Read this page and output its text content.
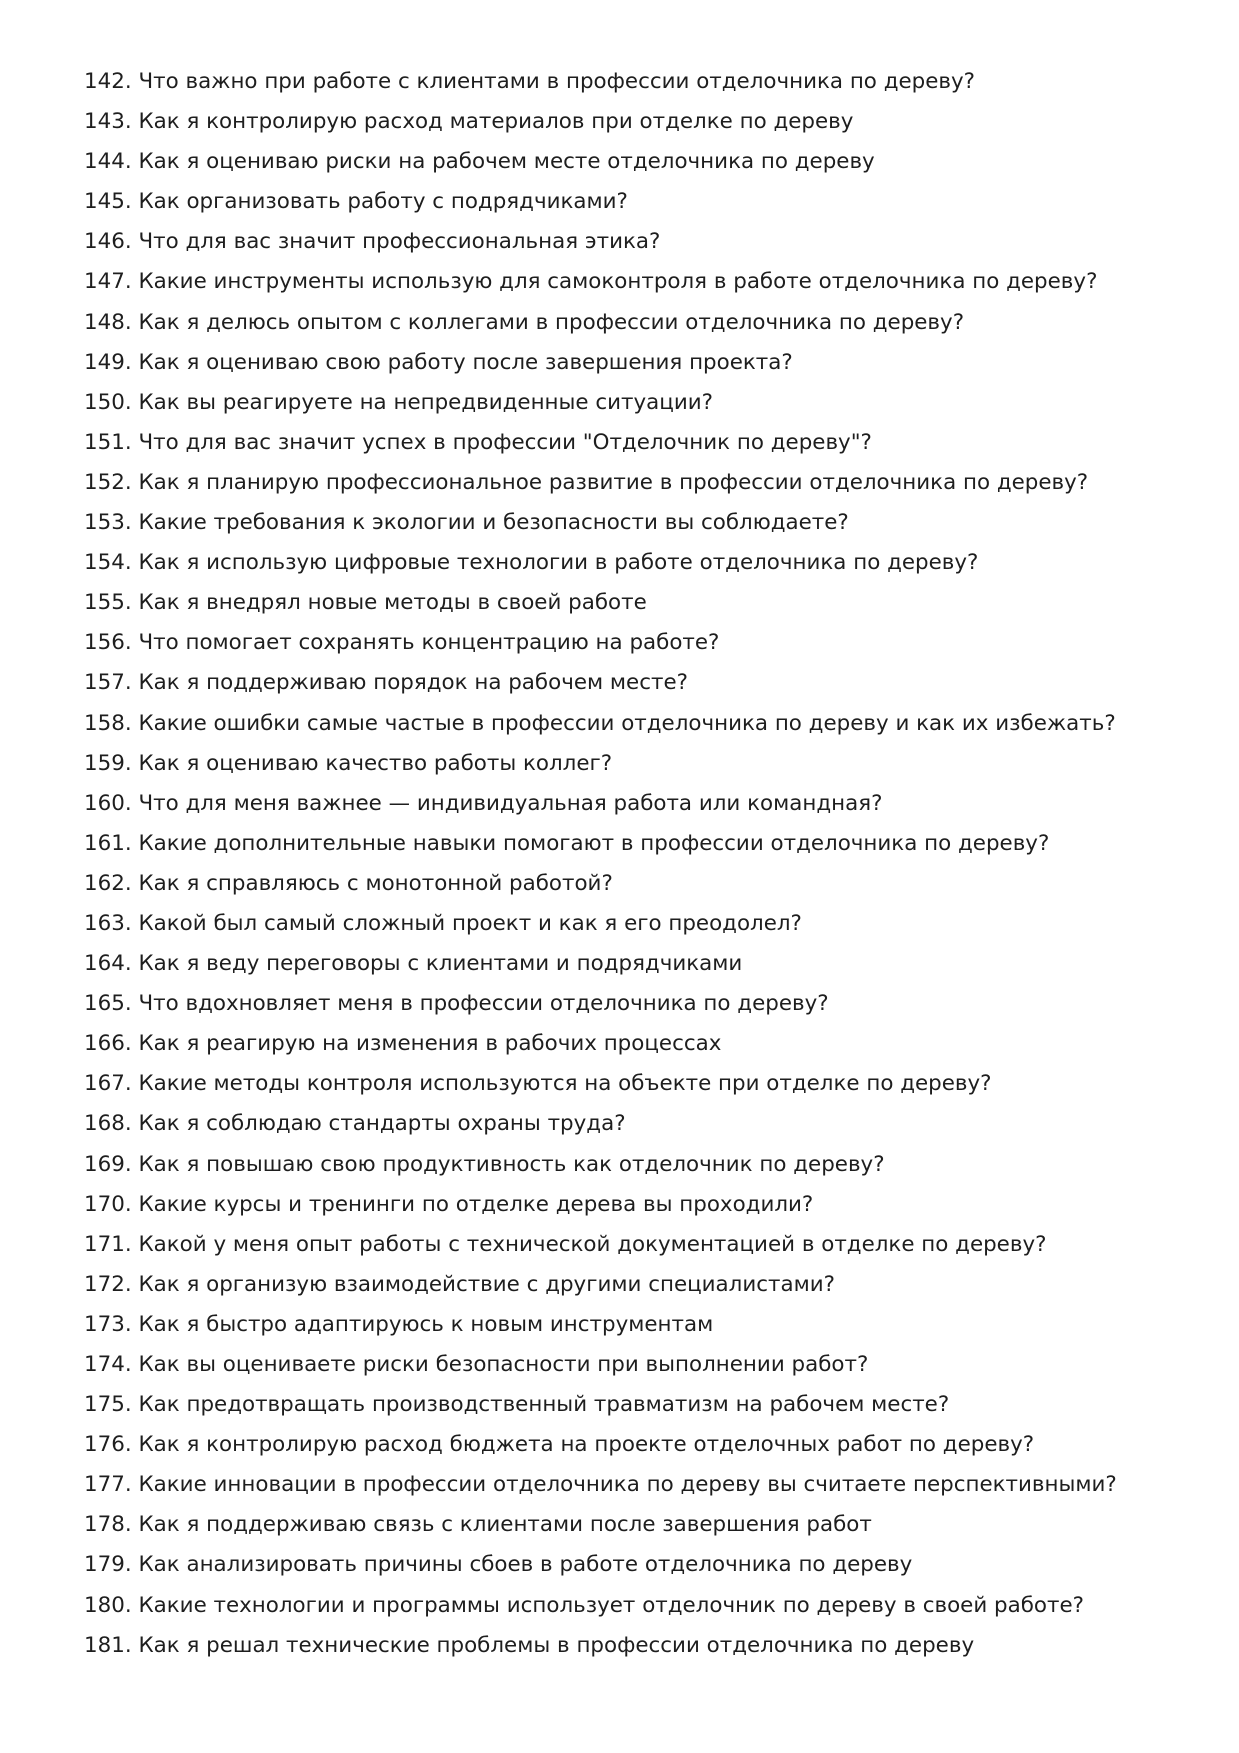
142. Что важно при работе с клиентами в профессии отделочника по дереву?
143. Как я контролирую расход материалов при отделке по дереву
144. Как я оцениваю риски на рабочем месте отделочника по дереву
145. Как организовать работу с подрядчиками?
146. Что для вас значит профессиональная этика?
147. Какие инструменты использую для самоконтроля в работе отделочника по дереву?
148. Как я делюсь опытом с коллегами в профессии отделочника по дереву?
149. Как я оцениваю свою работу после завершения проекта?
150. Как вы реагируете на непредвиденные ситуации?
151. Что для вас значит успех в профессии "Отделочник по дереву"?
152. Как я планирую профессиональное развитие в профессии отделочника по дереву?
153. Какие требования к экологии и безопасности вы соблюдаете?
154. Как я использую цифровые технологии в работе отделочника по дереву?
155. Как я внедрял новые методы в своей работе
156. Что помогает сохранять концентрацию на работе?
157. Как я поддерживаю порядок на рабочем месте?
158. Какие ошибки самые частые в профессии отделочника по дереву и как их избежать?
159. Как я оцениваю качество работы коллег?
160. Что для меня важнее — индивидуальная работа или командная?
161. Какие дополнительные навыки помогают в профессии отделочника по дереву?
162. Как я справляюсь с монотонной работой?
163. Какой был самый сложный проект и как я его преодолел?
164. Как я веду переговоры с клиентами и подрядчиками
165. Что вдохновляет меня в профессии отделочника по дереву?
166. Как я реагирую на изменения в рабочих процессах
167. Какие методы контроля используются на объекте при отделке по дереву?
168. Как я соблюдаю стандарты охраны труда?
169. Как я повышаю свою продуктивность как отделочник по дереву?
170. Какие курсы и тренинги по отделке дерева вы проходили?
171. Какой у меня опыт работы с технической документацией в отделке по дереву?
172. Как я организую взаимодействие с другими специалистами?
173. Как я быстро адаптируюсь к новым инструментам
174. Как вы оцениваете риски безопасности при выполнении работ?
175. Как предотвращать производственный травматизм на рабочем месте?
176. Как я контролирую расход бюджета на проекте отделочных работ по дереву?
177. Какие инновации в профессии отделочника по дереву вы считаете перспективными?
178. Как я поддерживаю связь с клиентами после завершения работ
179. Как анализировать причины сбоев в работе отделочника по дереву
180. Какие технологии и программы использует отделочник по дереву в своей работе?
181. Как я решал технические проблемы в профессии отделочника по дереву
